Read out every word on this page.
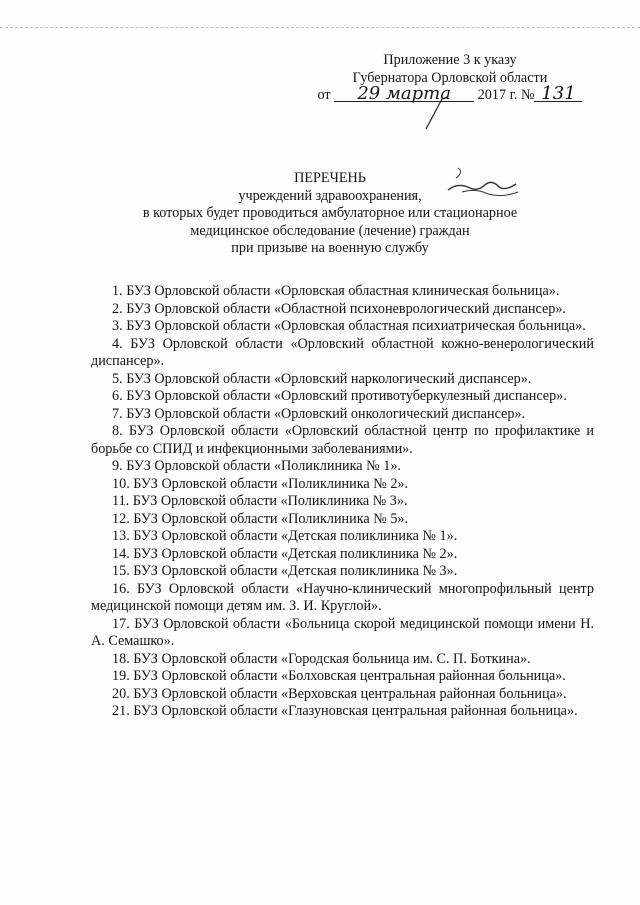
Приложение 3 к указу
Губернатора Орловской области
от 29 марта 2017 г. № 131
ПЕРЕЧЕНЬ
учреждений здравоохранения,
в которых будет проводиться амбулаторное или стационарное
медицинское обследование (лечение) граждан
при призыве на военную службу

1. БУЗ Орловской области «Орловская областная клиническая больница».

2. БУЗ Орловской области «Областной психоневрологический диспансер».

3. БУЗ Орловской области «Орловская областная психиатрическая больница».

4. БУЗ Орловской области «Орловский областной кожно-венерологический диспансер».

5. БУЗ Орловской области «Орловский наркологический диспансер».

6. БУЗ Орловской области «Орловский противотуберкулезный диспансер».

7. БУЗ Орловской области «Орловский онкологический диспансер».

8. БУЗ Орловской области «Орловский областной центр по профилактике и борьбе со СПИД и инфекционными заболеваниями».

9. БУЗ Орловской области «Поликлиника № 1».

10. БУЗ Орловской области «Поликлиника № 2».

11. БУЗ Орловской области «Поликлиника № 3».

12. БУЗ Орловской области «Поликлиника № 5».

13. БУЗ Орловской области «Детская поликлиника № 1».

14. БУЗ Орловской области «Детская поликлиника № 2».

15. БУЗ Орловской области «Детская поликлиника № 3».

16. БУЗ Орловской области «Научно-клинический многопрофильный центр медицинской помощи детям им. З. И. Круглой».

17. БУЗ Орловской области «Больница скорой медицинской помощи имени Н. А. Семашко».

18. БУЗ Орловской области «Городская больница им. С. П. Боткина».

19. БУЗ Орловской области «Болховская центральная районная больница».

20. БУЗ Орловской области «Верховская центральная районная больница».

21. БУЗ Орловской области «Глазуновская центральная районная больница».
